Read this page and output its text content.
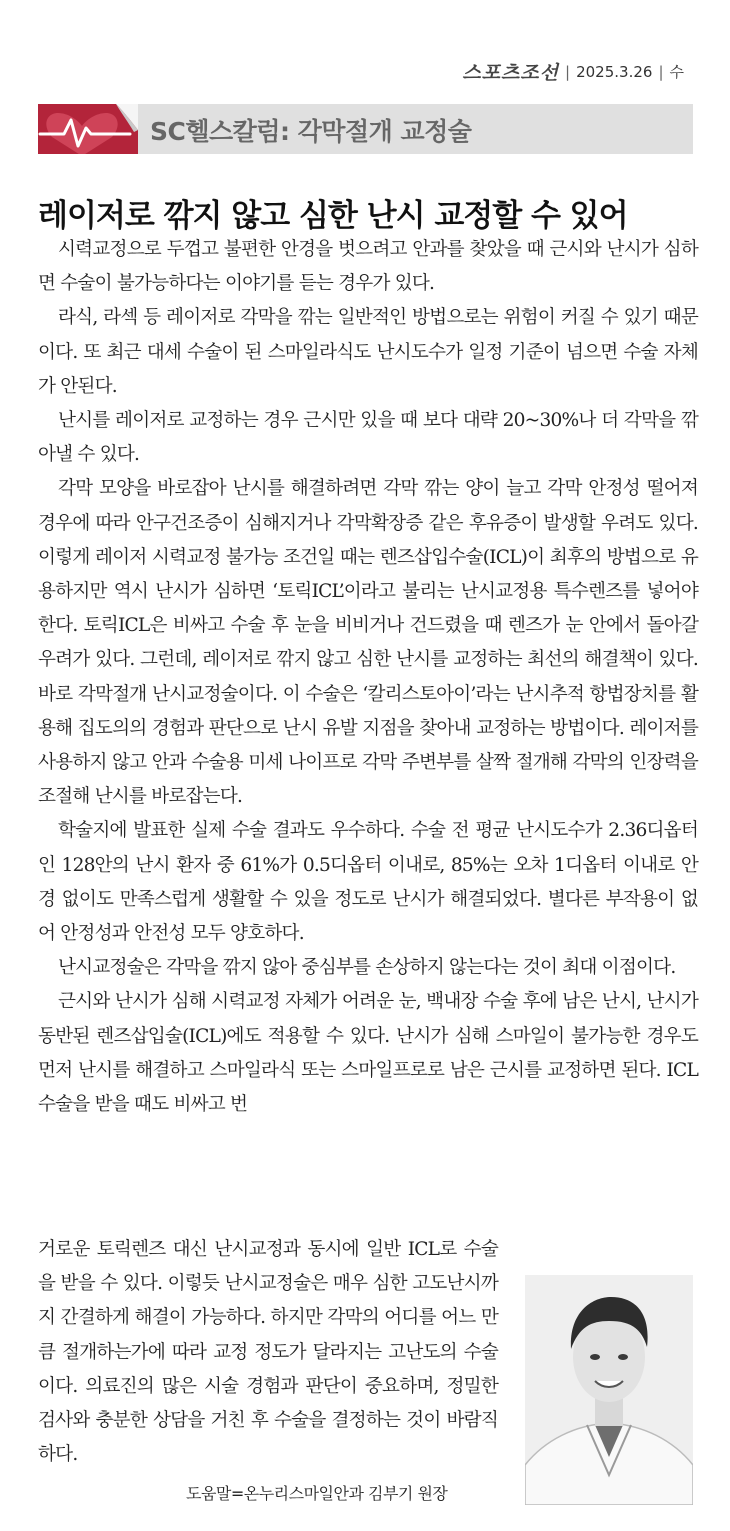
스포츠조선 | 2025.3.26 | 수
SC헬스칼럼: 각막절개 교정술
레이저로 깎지 않고 심한 난시 교정할 수 있어

시력교정으로 두껍고 불편한 안경을 벗으려고 안과를 찾았을 때 근시와 난시가 심하면 수술이 불가능하다는 이야기를 듣는 경우가 있다.

라식, 라섹 등 레이저로 각막을 깎는 일반적인 방법으로는 위험이 커질 수 있기 때문이다. 또 최근 대세 수술이 된 스마일라식도 난시도수가 일정 기준이 넘으면 수술 자체가 안된다.

난시를 레이저로 교정하는 경우 근시만 있을 때 보다 대략 20~30%나 더 각막을 깎아낼 수 있다.

각막 모양을 바로잡아 난시를 해결하려면 각막 깎는 양이 늘고 각막 안정성 떨어져 경우에 따라 안구건조증이 심해지거나 각막확장증 같은 후유증이 발생할 우려도 있다. 이렇게 레이저 시력교정 불가능 조건일 때는 렌즈삽입수술(ICL)이 최후의 방법으로 유용하지만 역시 난시가 심하면 ‘토릭ICL’이라고 불리는 난시교정용 특수렌즈를 넣어야 한다. 토릭ICL은 비싸고 수술 후 눈을 비비거나 건드렸을 때 렌즈가 눈 안에서 돌아갈 우려가 있다. 그런데, 레이저로 깎지 않고 심한 난시를 교정하는 최선의 해결책이 있다. 바로 각막절개 난시교정술이다. 이 수술은 ‘칼리스토아이’라는 난시추적 항법장치를 활용해 집도의의 경험과 판단으로 난시 유발 지점을 찾아내 교정하는 방법이다. 레이저를 사용하지 않고 안과 수술용 미세 나이프로 각막 주변부를 살짝 절개해 각막의 인장력을 조절해 난시를 바로잡는다.

학술지에 발표한 실제 수술 결과도 우수하다. 수술 전 평균 난시도수가 2.36디옵터인 128안의 난시 환자 중 61%가 0.5디옵터 이내로, 85%는 오차 1디옵터 이내로 안경 없이도 만족스럽게 생활할 수 있을 정도로 난시가 해결되었다. 별다른 부작용이 없어 안정성과 안전성 모두 양호하다.

난시교정술은 각막을 깎지 않아 중심부를 손상하지 않는다는 것이 최대 이점이다.

근시와 난시가 심해 시력교정 자체가 어려운 눈, 백내장 수술 후에 남은 난시, 난시가 동반된 렌즈삽입술(ICL)에도 적용할 수 있다. 난시가 심해 스마일이 불가능한 경우도 먼저 난시를 해결하고 스마일라식 또는 스마일프로로 남은 근시를 교정하면 된다. ICL수술을 받을 때도 비싸고 번

거로운 토릭렌즈 대신 난시교정과 동시에 일반 ICL로 수술을 받을 수 있다. 이렇듯 난시교정술은 매우 심한 고도난시까지 간결하게 해결이 가능하다. 하지만 각막의 어디를 어느 만큼 절개하는가에 따라 교정 정도가 달라지는 고난도의 수술이다. 의료진의 많은 시술 경험과 판단이 중요하며, 정밀한 검사와 충분한 상담을 거친 후 수술을 결정하는 것이 바람직하다.

도움말=온누리스마일안과 김부기 원장
